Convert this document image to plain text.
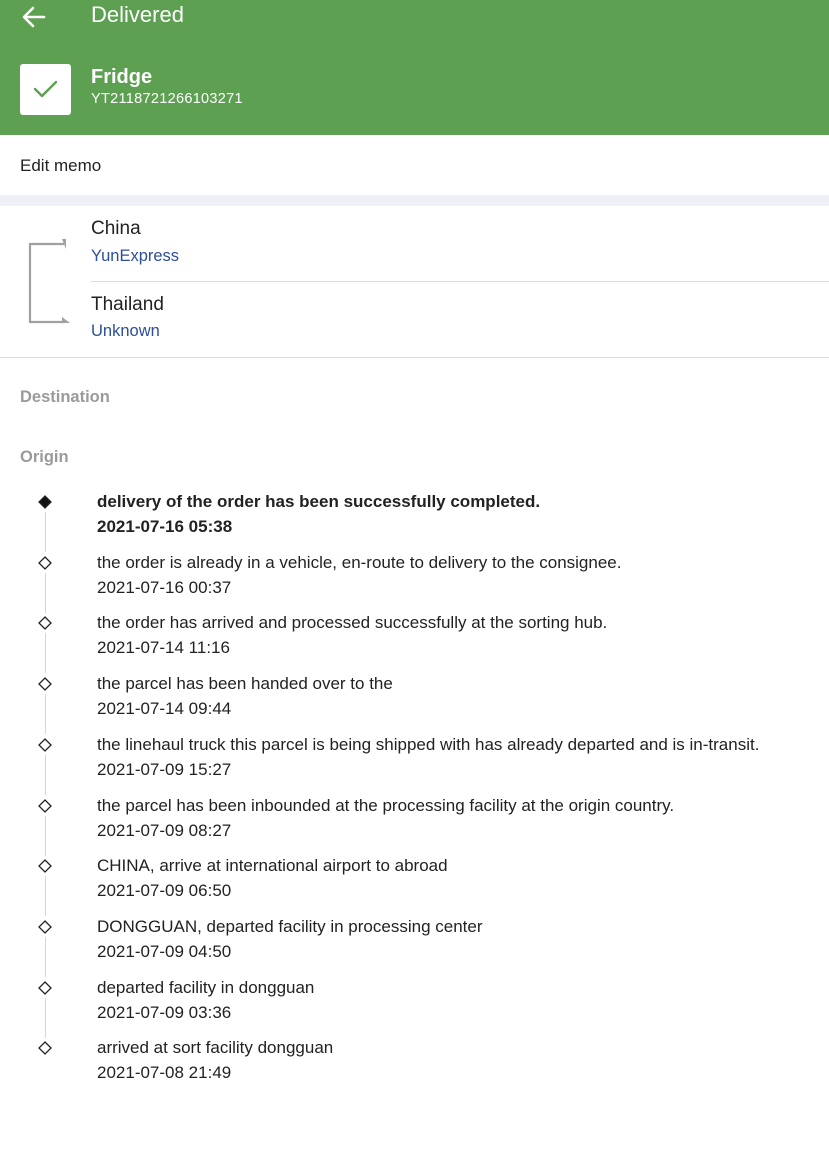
Delivered
Fridge
YT2118721266103271
Edit memo
China
YunExpress
Thailand
Unknown
Destination
Origin
delivery of the order has been successfully completed.
2021-07-16 05:38
the order is already in a vehicle, en-route to delivery to the consignee.
2021-07-16 00:37
the order has arrived and processed successfully at the sorting hub.
2021-07-14 11:16
the parcel has been handed over to the
2021-07-14 09:44
the linehaul truck this parcel is being shipped with has already departed and is in-transit.
2021-07-09 15:27
the parcel has been inbounded at the processing facility at the origin country.
2021-07-09 08:27
CHINA, arrive at international airport to abroad
2021-07-09 06:50
DONGGUAN, departed facility in processing center
2021-07-09 04:50
departed facility in dongguan
2021-07-09 03:36
arrived at sort facility dongguan
2021-07-08 21:49
